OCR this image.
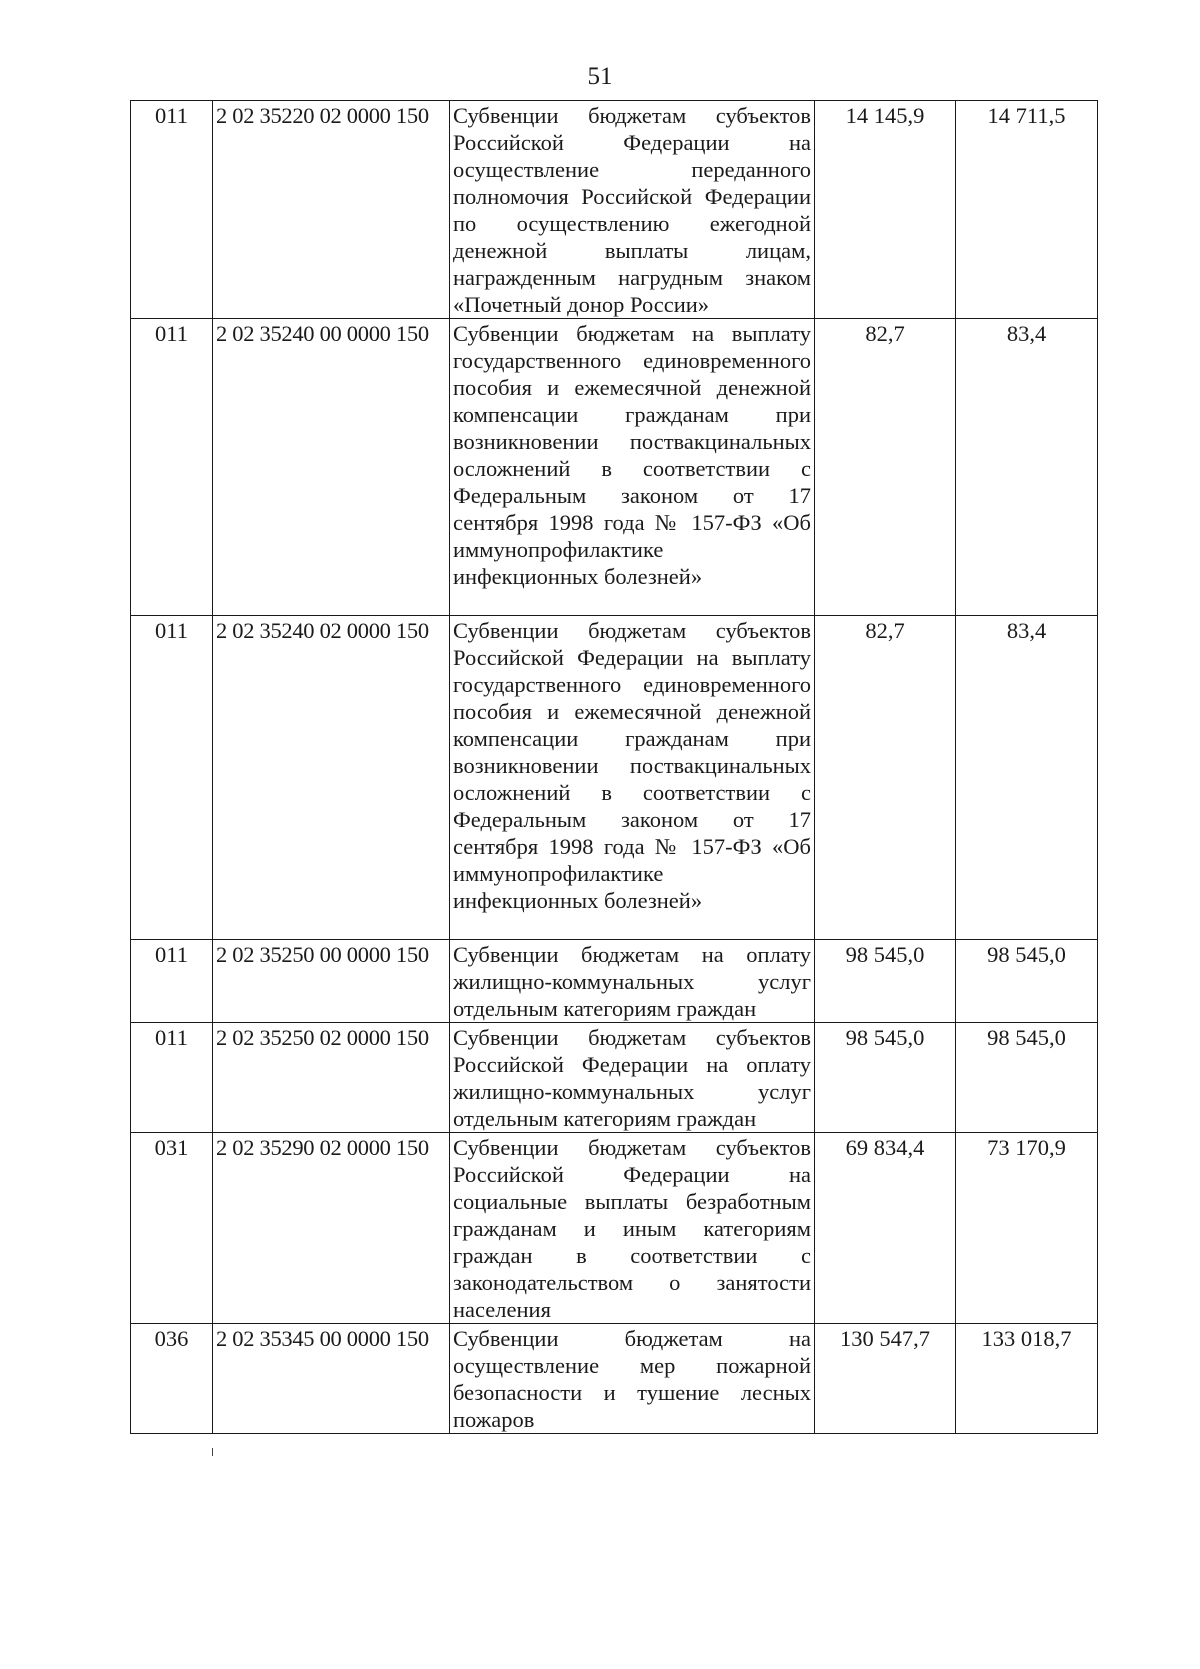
51
011	2 02 35220 02 0000 150	Субвенции бюджетам субъектов Российской Федерации на осуществление переданного полномочия Российской Федерации по осуществлению ежегодной денежной выплаты лицам, награжденным нагрудным знаком «Почетный донор России»	14 145,9	14 711,5
011	2 02 35240 00 0000 150	Субвенции бюджетам на выплату государственного единовременного пособия и ежемесячной денежной компенсации гражданам при возникновении поствакцинальных осложнений в соответствии с Федеральным законом от 17 сентября 1998 года № 157-ФЗ «Об иммунопрофилактике инфекционных болезней»	82,7	83,4
011	2 02 35240 02 0000 150	Субвенции бюджетам субъектов Российской Федерации на выплату государственного единовременного пособия и ежемесячной денежной компенсации гражданам при возникновении поствакцинальных осложнений в соответствии с Федеральным законом от 17 сентября 1998 года № 157-ФЗ «Об иммунопрофилактике инфекционных болезней»	82,7	83,4
011	2 02 35250 00 0000 150	Субвенции бюджетам на оплату жилищно-коммунальных услуг отдельным категориям граждан	98 545,0	98 545,0
011	2 02 35250 02 0000 150	Субвенции бюджетам субъектов Российской Федерации на оплату жилищно-коммунальных услуг отдельным категориям граждан	98 545,0	98 545,0
031	2 02 35290 02 0000 150	Субвенции бюджетам субъектов Российской Федерации на социальные выплаты безработным гражданам и иным категориям граждан в соответствии с законодательством о занятости населения	69 834,4	73 170,9
036	2 02 35345 00 0000 150	Субвенции бюджетам на осуществление мер пожарной безопасности и тушение лесных пожаров	130 547,7	133 018,7
